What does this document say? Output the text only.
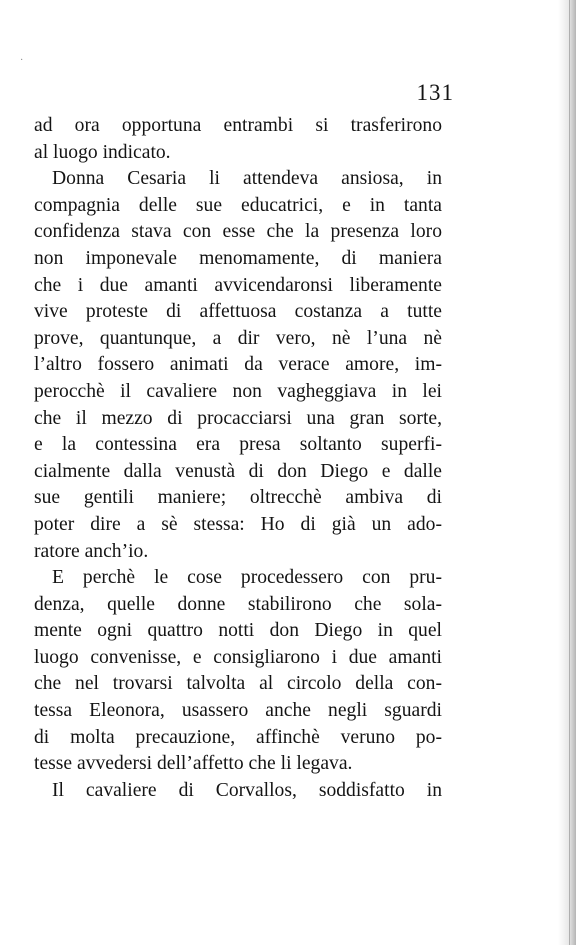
·
131
ad ora opportuna entrambi si trasferirono
al luogo indicato.
Donna Cesaria li attendeva ansiosa, in
compagnia delle sue educatrici, e in tanta
confidenza stava con esse che la presenza loro
non imponevale menomamente, di maniera
che i due amanti avvicendaronsi liberamente
vive proteste di affettuosa costanza a tutte
prove, quantunque, a dir vero, nè l’una nè
l’altro fossero animati da verace amore, im-
perocchè il cavaliere non vagheggiava in lei
che il mezzo di procacciarsi una gran sorte,
e la contessina era presa soltanto superfi-
cialmente dalla venustà di don Diego e dalle
sue gentili maniere; oltrecchè ambiva di
poter dire a sè stessa: Ho di già un ado-
ratore anch’io.
E perchè le cose procedessero con pru-
denza, quelle donne stabilirono che sola-
mente ogni quattro notti don Diego in quel
luogo convenisse, e consigliarono i due amanti
che nel trovarsi talvolta al circolo della con-
tessa Eleonora, usassero anche negli sguardi
di molta precauzione, affinchè veruno po-
tesse avvedersi dell’affetto che li legava.
Il cavaliere di Corvallos, soddisfatto in
